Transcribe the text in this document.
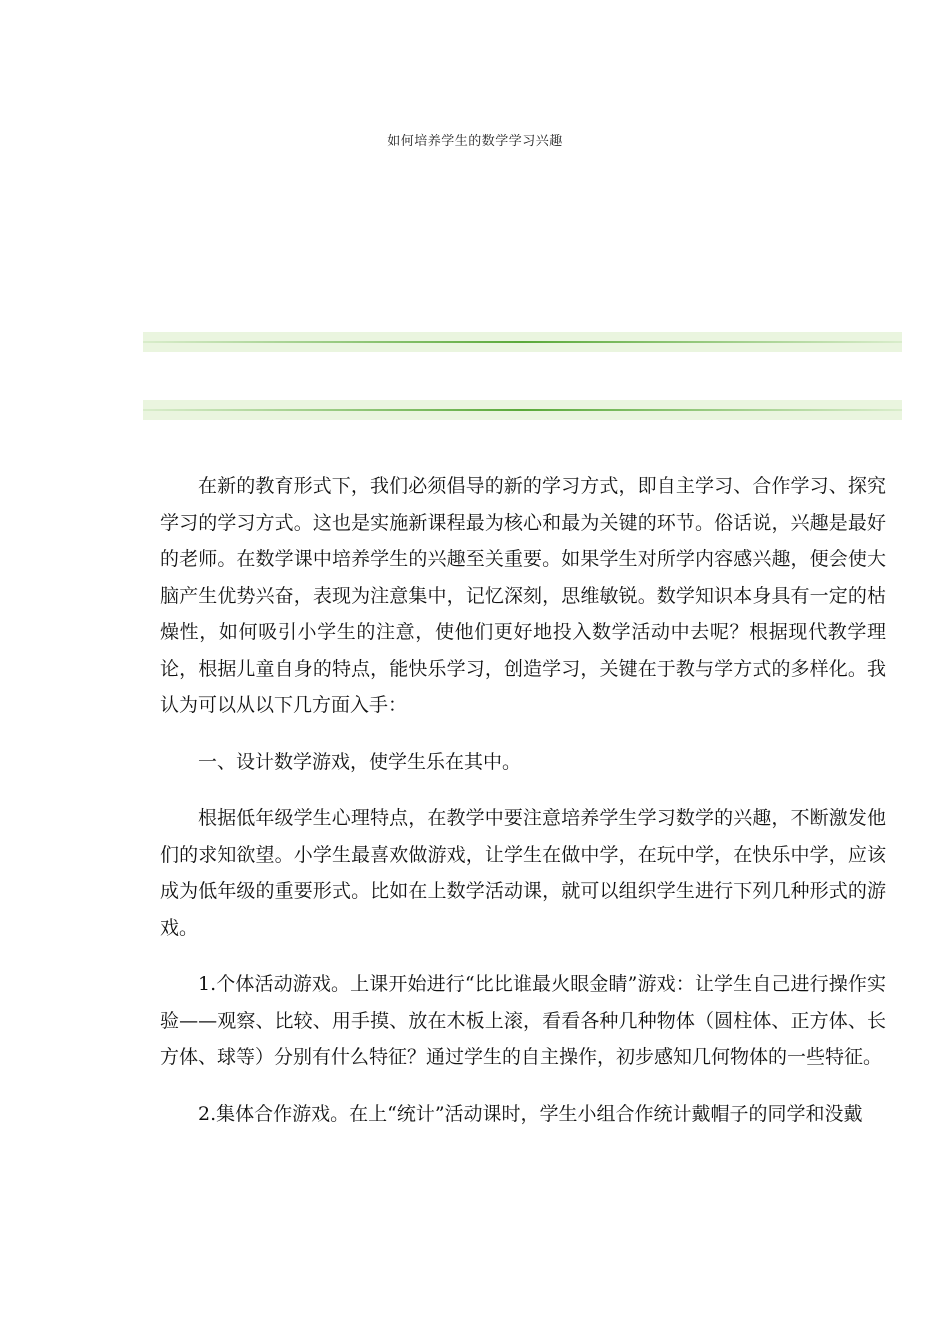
如何培养学生的数学学习兴趣

在新的教育形式下，我们必须倡导的新的学习方式，即自主学习、合作学习、探究学习的学习方式。这也是实施新课程最为核心和最为关键的环节。俗话说，兴趣是最好的老师。在数学课中培养学生的兴趣至关重要。如果学生对所学内容感兴趣，便会使大脑产生优势兴奋，表现为注意集中，记忆深刻，思维敏锐。数学知识本身具有一定的枯燥性，如何吸引小学生的注意，使他们更好地投入数学活动中去呢？根据现代教学理论，根据儿童自身的特点，能快乐学习，创造学习，关键在于教与学方式的多样化。我认为可以从以下几方面入手：

一、设计数学游戏，使学生乐在其中。

根据低年级学生心理特点，在教学中要注意培养学生学习数学的兴趣，不断激发他们的求知欲望。小学生最喜欢做游戏，让学生在做中学，在玩中学，在快乐中学，应该成为低年级的重要形式。比如在上数学活动课，就可以组织学生进行下列几种形式的游戏。

1.个体活动游戏。上课开始进行“比比谁最火眼金睛”游戏：让学生自己进行操作实验——观察、比较、用手摸、放在木板上滚，看看各种几种物体（圆柱体、正方体、长方体、球等）分别有什么特征？通过学生的自主操作，初步感知几何物体的一些特征。

2.集体合作游戏。在上“统计”活动课时，学生小组合作统计戴帽子的同学和没戴
